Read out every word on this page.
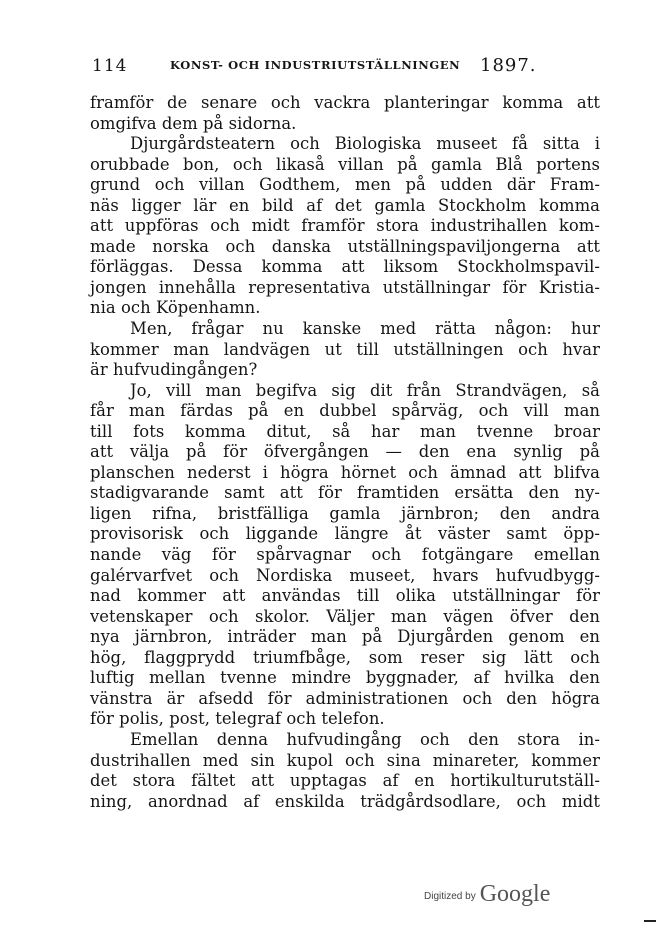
114	KONST- OCH INDUSTRIUTSTÄLLNINGEN 1897.
framför de senare och vackra planteringar komma att
omgifva dem på sidorna.
Djurgårdsteatern och Biologiska museet få sitta i
orubbade bon, och likaså villan på gamla Blå portens
grund och villan Godthem, men på udden där Fram-
näs ligger lär en bild af det gamla Stockholm komma
att uppföras och midt framför stora industrihallen kom-
made norska och danska utställningspaviljongerna att
förläggas. Dessa komma att liksom Stockholmspavil-
jongen innehålla representativa utställningar för Kristia-
nia och Köpenhamn.
Men, frågar nu kanske med rätta någon: hur
kommer man landvägen ut till utställningen och hvar
är hufvudingången?
Jo, vill man begifva sig dit från Strandvägen, så
får man färdas på en dubbel spårväg, och vill man
till fots komma ditut, så har man tvenne broar
att välja på för öfvergången — den ena synlig på
planschen nederst i högra hörnet och ämnad att blifva
stadigvarande samt att för framtiden ersätta den ny-
ligen rifna, bristfälliga gamla järnbron; den andra
provisorisk och liggande längre åt väster samt öpp-
nande väg för spårvagnar och fotgängare emellan
galérvarfvet och Nordiska museet, hvars hufvudbygg-
nad kommer att användas till olika utställningar för
vetenskaper och skolor. Väljer man vägen öfver den
nya järnbron, inträder man på Djurgården genom en
hög, flaggprydd triumfbåge, som reser sig lätt och
luftig mellan tvenne mindre byggnader, af hvilka den
vänstra är afsedd för administrationen och den högra
för polis, post, telegraf och telefon.
Emellan denna hufvudingång och den stora in-
dustrihallen med sin kupol och sina minareter, kommer
det stora fältet att upptagas af en hortikulturutställ-
ning, anordnad af enskilda trädgårdsodlare, och midt
Digitized by Google
